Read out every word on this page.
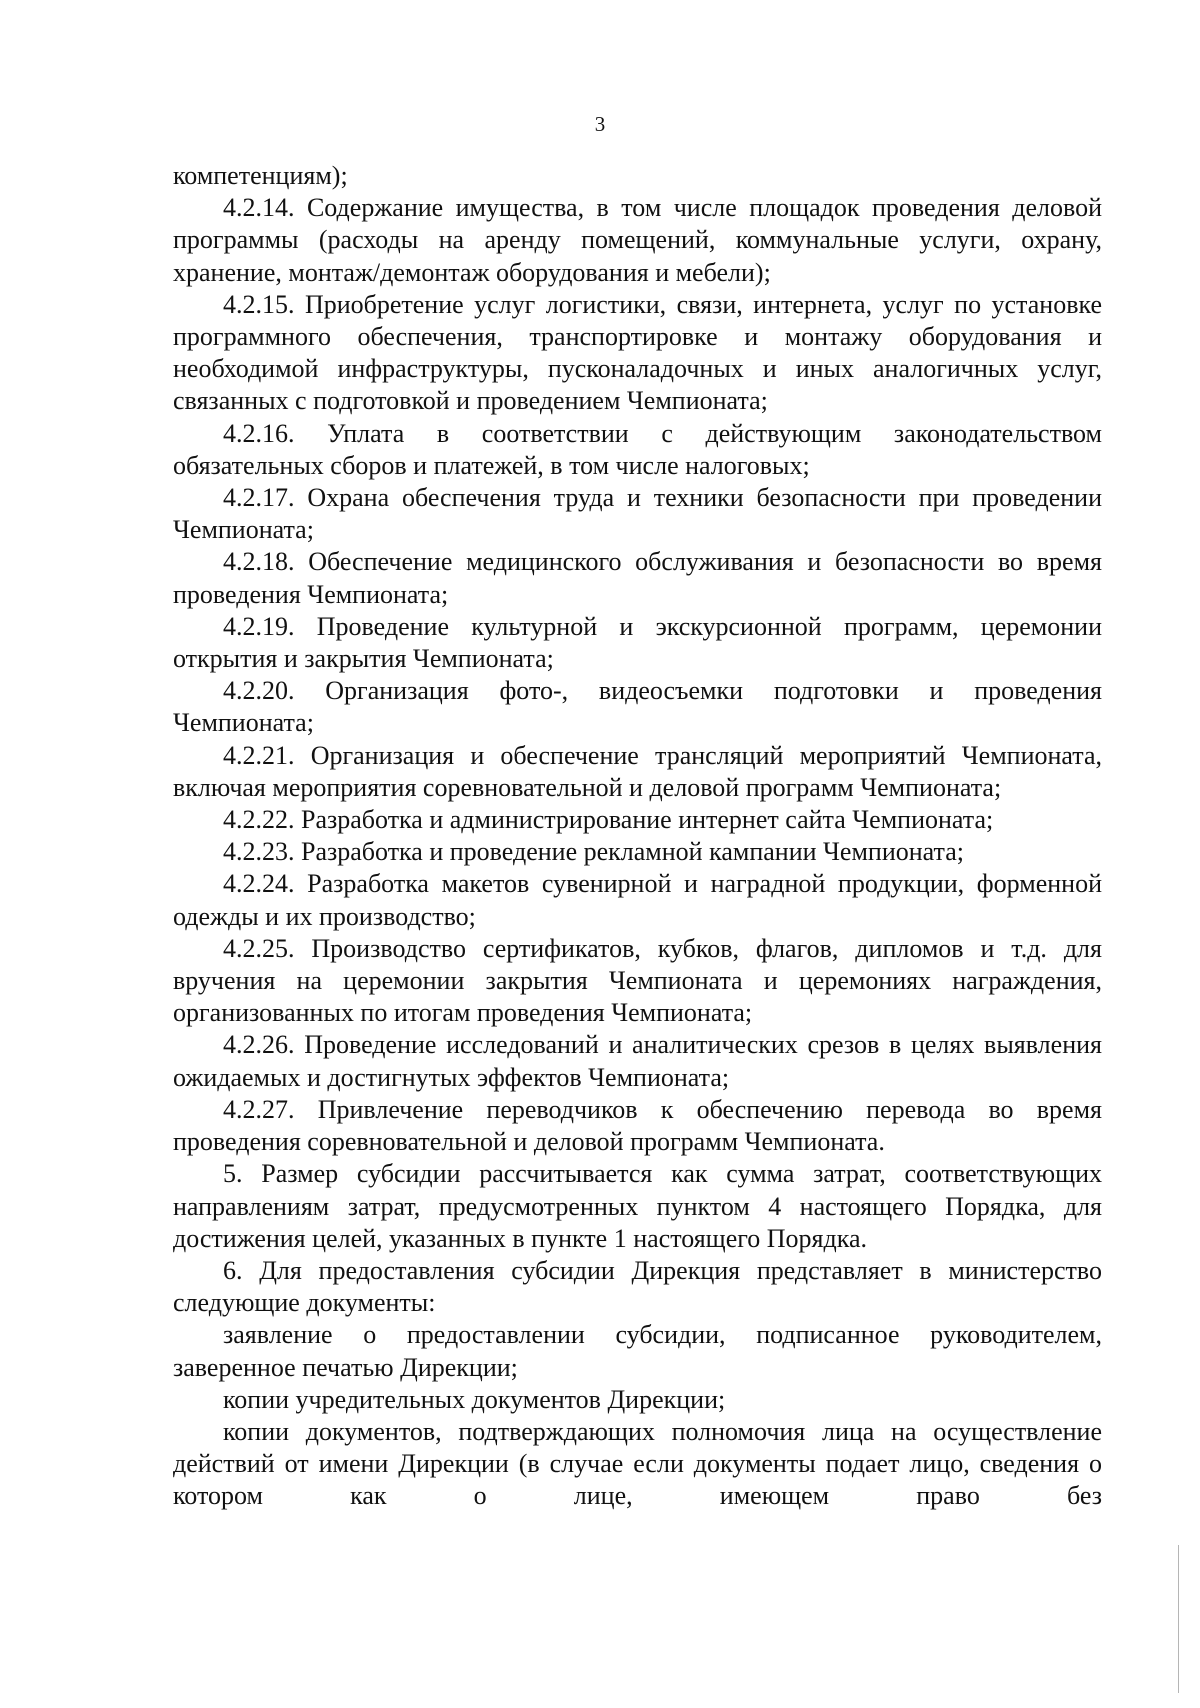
3

компетенциям);

4.2.14. Содержание имущества, в том числе площадок проведения деловой программы (расходы на аренду помещений, коммунальные услуги, охрану, хранение, монтаж/демонтаж оборудования и мебели);

4.2.15. Приобретение услуг логистики, связи, интернета, услуг по установке программного обеспечения, транспортировке и монтажу оборудования и необходимой инфраструктуры, пусконаладочных и иных аналогичных услуг, связанных с подготовкой и проведением Чемпионата;

4.2.16. Уплата в соответствии с действующим законодательством обязательных сборов и платежей, в том числе налоговых;

4.2.17. Охрана обеспечения труда и техники безопасности при проведении Чемпионата;

4.2.18. Обеспечение медицинского обслуживания и безопасности во время проведения Чемпионата;

4.2.19. Проведение культурной и экскурсионной программ, церемонии открытия и закрытия Чемпионата;

4.2.20. Организация фото-, видеосъемки подготовки и проведения Чемпионата;

4.2.21. Организация и обеспечение трансляций мероприятий Чемпионата, включая мероприятия соревновательной и деловой программ Чемпионата;

4.2.22. Разработка и администрирование интернет сайта Чемпионата;

4.2.23. Разработка и проведение рекламной кампании Чемпионата;

4.2.24. Разработка макетов сувенирной и наградной продукции, форменной одежды и их производство;

4.2.25. Производство сертификатов, кубков, флагов, дипломов и т.д. для вручения на церемонии закрытия Чемпионата и церемониях награждения, организованных по итогам проведения Чемпионата;

4.2.26. Проведение исследований и аналитических срезов в целях выявления ожидаемых и достигнутых эффектов Чемпионата;

4.2.27. Привлечение переводчиков к обеспечению перевода во время проведения соревновательной и деловой программ Чемпионата.

5. Размер субсидии рассчитывается как сумма затрат, соответствующих направлениям затрат, предусмотренных пунктом 4 настоящего Порядка, для достижения целей, указанных в пункте 1 настоящего Порядка.

6. Для предоставления субсидии Дирекция представляет в министерство следующие документы:

заявление о предоставлении субсидии, подписанное руководителем, заверенное печатью Дирекции;

копии учредительных документов Дирекции;

копии документов, подтверждающих полномочия лица на осуществление действий от имени Дирекции (в случае если документы подает лицо, сведения о котором как о лице, имеющем право без
